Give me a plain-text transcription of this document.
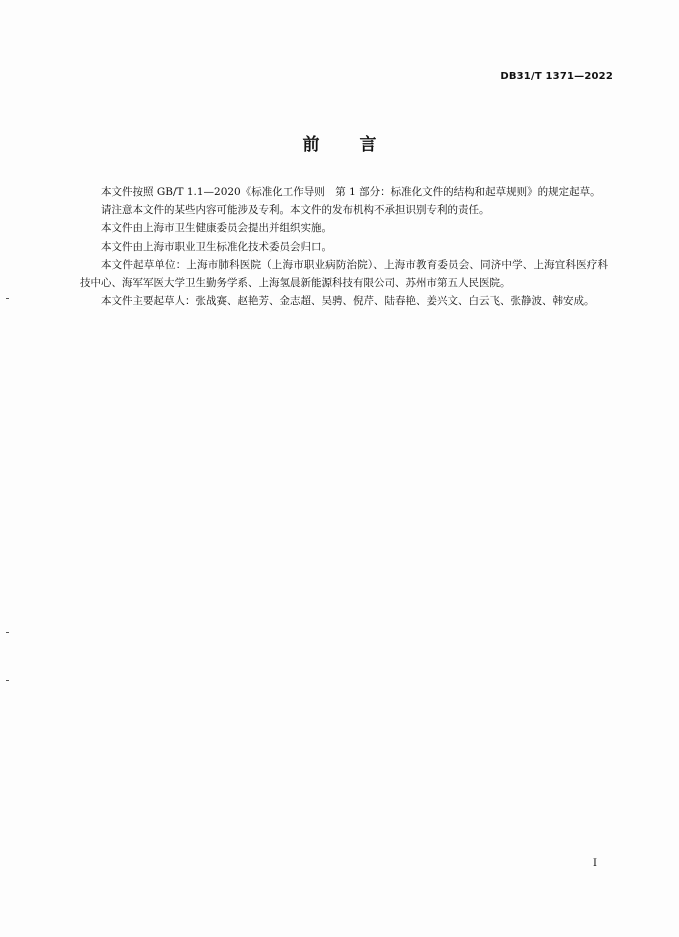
DB31/T 1371—2022
前言

本文件按照 GB/T 1.1—2020《标准化工作导则　第 1 部分：标准化文件的结构和起草规则》的规定起草。

请注意本文件的某些内容可能涉及专利。本文件的发布机构不承担识别专利的责任。

本文件由上海市卫生健康委员会提出并组织实施。

本文件由上海市职业卫生标准化技术委员会归口。

本文件起草单位：上海市肺科医院（上海市职业病防治院）、上海市教育委员会、同济中学、上海宜科医疗科技中心、海军军医大学卫生勤务学系、上海氢晨新能源科技有限公司、苏州市第五人民医院。

本文件主要起草人：张战赛、赵艳芳、金志超、吴骋、倪芹、陆春艳、姜兴文、白云飞、张静波、韩安成。

I
